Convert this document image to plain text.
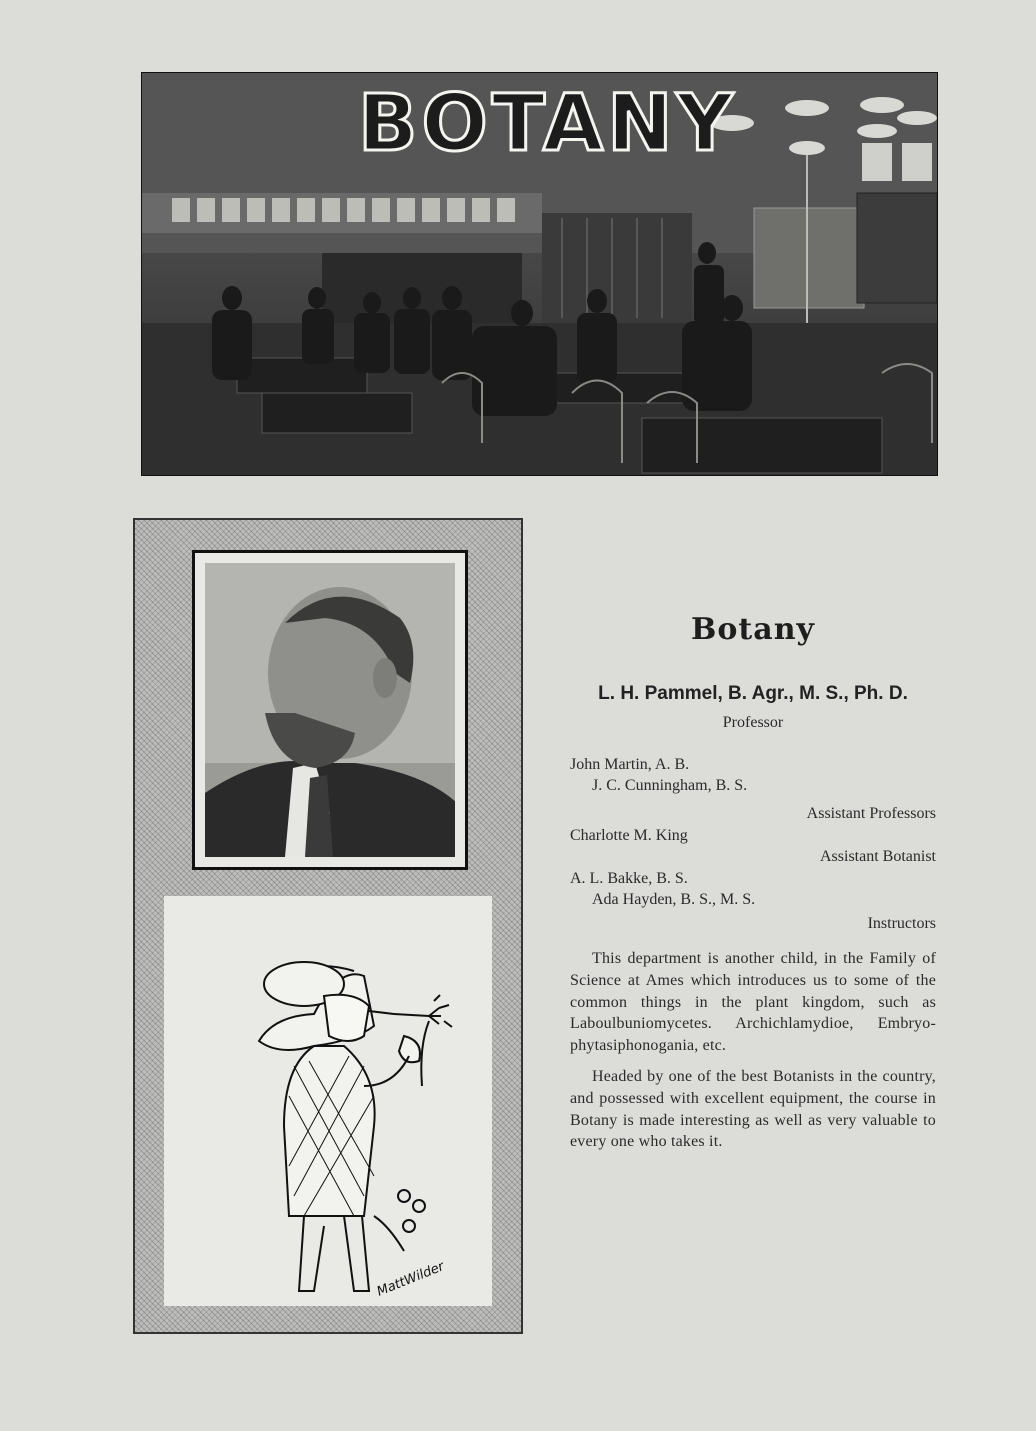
BOTANY
MattWilder
Botany
L. H. Pammel, B. Agr., M. S., Ph. D.
Professor
John Martin, A. B.
J. C. Cunningham, B. S.
Assistant Professors
Charlotte M. King
Assistant Botanist
A. L. Bakke, B. S.
Ada Hayden, B. S., M. S.
Instructors

This department is another child, in the Family of Science at Ames which introduces us to some of the common things in the plant kingdom, such as Laboulbuniomycetes. Archichlamydioe, Embryo-phytasiphonogania, etc.

Headed by one of the best Botanists in the country, and possessed with excellent equipment, the course in Botany is made interesting as well as very valuable to every one who takes it.
